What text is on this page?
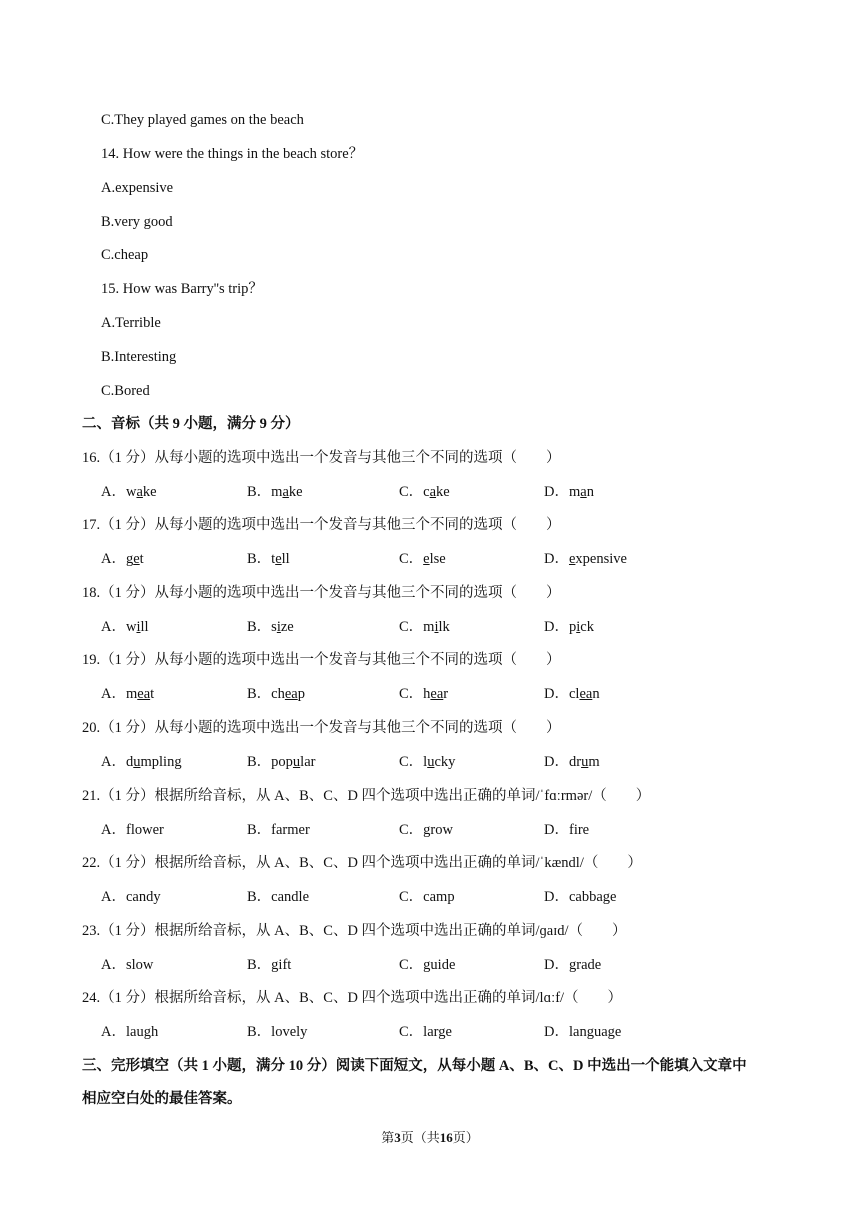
C.They played games on the beach
14. How were the things in the beach store？
A.expensive
B.very good
C.cheap
15. How was Barry''s trip？
A.Terrible
B.Interesting
C.Bored
二、音标（共 9 小题，满分 9 分）
16.（1 分）从每小题的选项中选出一个发音与其他三个不同的选项（　　）
A．wake	B．make	C．cake	D．man
17.（1 分）从每小题的选项中选出一个发音与其他三个不同的选项（　　）
A．get	B．tell	C．else	D．expensive
18.（1 分）从每小题的选项中选出一个发音与其他三个不同的选项（　　）
A．will	B．size	C．milk	D．pick
19.（1 分）从每小题的选项中选出一个发音与其他三个不同的选项（　　）
A．meat	B．cheap	C．hear	D．clean
20.（1 分）从每小题的选项中选出一个发音与其他三个不同的选项（　　）
A．dumpling	B．popular	C．lucky	D．drum
21.（1 分）根据所给音标，从 A、B、C、D 四个选项中选出正确的单词/ˈfɑːrmər/（　　）
A．flower	B．farmer	C．grow	D．fire
22.（1 分）根据所给音标，从 A、B、C、D 四个选项中选出正确的单词/ˈkændl/（　　）
A．candy	B．candle	C．camp	D．cabbage
23.（1 分）根据所给音标，从 A、B、C、D 四个选项中选出正确的单词/ɡaɪd/（　　）
A．slow	B．gift	C．guide	D．grade
24.（1 分）根据所给音标，从 A、B、C、D 四个选项中选出正确的单词/lɑːf/（　　）
A．laugh	B．lovely	C．large	D．language
三、完形填空（共 1 小题，满分 10 分）阅读下面短文，从每小题 A、B、C、D 中选出一个能填入文章中
相应空白处的最佳答案。
第3页（共16页）
